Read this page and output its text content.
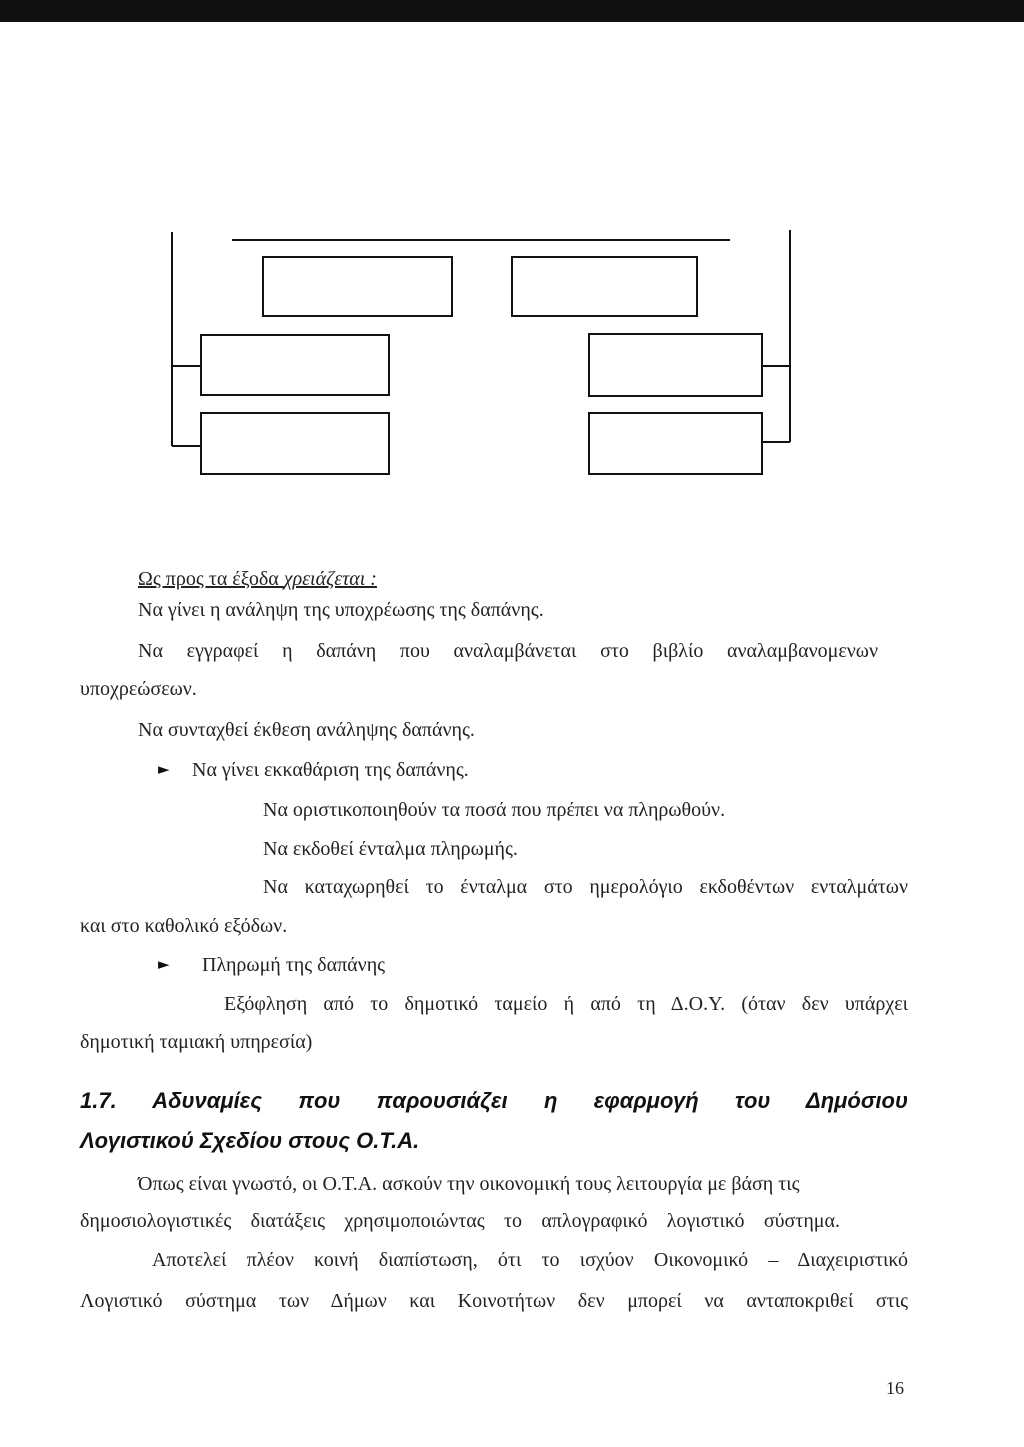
Ως προς τα έξοδα χρειάζεται :
Να γίνει η ανάληψη της υποχρέωσης της δαπάνης.
Να εγγραφεί η δαπάνη που αναλαμβάνεται στο βιβλίο αναλαμβανομενων
υποχρεώσεων.
Να συνταχθεί έκθεση ανάληψης δαπάνης.
► Να γίνει εκκαθάριση της δαπάνης.
Να οριστικοποιηθούν τα ποσά που πρέπει να πληρωθούν.
Να εκδοθεί ένταλμα πληρωμής.
Να καταχωρηθεί το ένταλμα στο ημερολόγιο εκδοθέντων ενταλμάτων
και στο καθολικό εξόδων.
► Πληρωμή της δαπάνης
Εξόφληση από το δημοτικό ταμείο ή από τη Δ.Ο.Υ. (όταν δεν υπάρχει
δημοτική ταμιακή υπηρεσία)
1.7. Αδυναμίες που παρουσιάζει η εφαρμογή του Δημόσιου
Λογιστικού Σχεδίου στους Ο.Τ.Α.
Όπως είναι γνωστό, οι Ο.Τ.Α. ασκούν την οικονομική τους λειτουργία με βάση τις
δημοσιολογιστικές διατάξεις χρησιμοποιώντας το απλογραφικό λογιστικό σύστημα.
Αποτελεί πλέον κοινή διαπίστωση, ότι το ισχύον Οικονομικό – Διαχειριστικό
Λογιστικό σύστημα των Δήμων και Κοινοτήτων δεν μπορεί να ανταποκριθεί στις
16
